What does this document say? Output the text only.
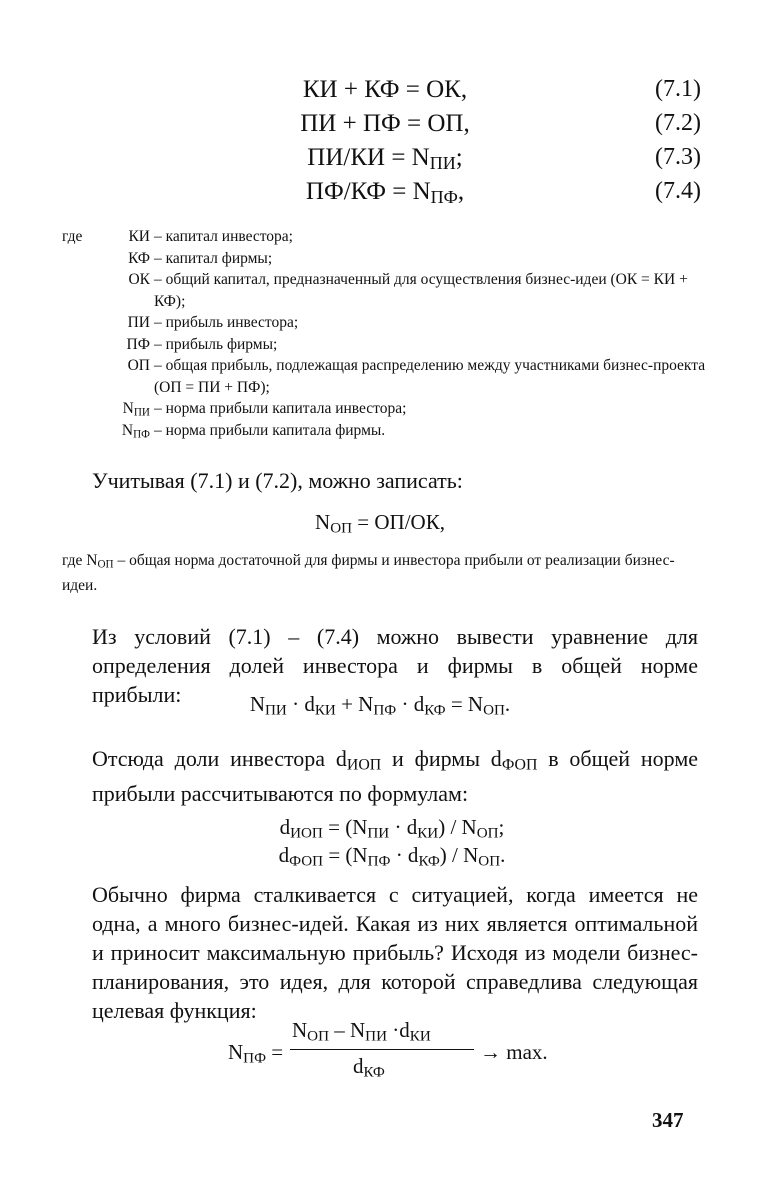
КИ + КФ = ОК,	(7.1)
ПИ + ПФ = ОП,	(7.2)
$ПИ/КИ = N_{ПИ}$;	(7.3)
$ПФ/КФ = N_{ПФ}$,	(7.4)
где	КИ – капитал инвестора;
КФ – капитал фирмы;
ОК – общий капитал, предназначенный для осуществления бизнес-идеи (ОК = КИ + КФ);
ПИ – прибыль инвестора;
ПФ – прибыль фирмы;
ОП – общая прибыль, подлежащая распределению между участниками бизнес-проекта (ОП = ПИ + ПФ);
$N_{ПИ}$ – норма прибыли капитала инвестора;
$N_{ПФ}$ – норма прибыли капитала фирмы.
Учитывая (7.1) и (7.2), можно записать:
$N_{ОП} = ОП/ОК$,
где $N_{ОП}$ – общая норма достаточной для фирмы и инвестора прибыли от реализации бизнес-идеи.
Из условий (7.1) – (7.4) можно вывести уравнение для определения долей инвестора и фирмы в общей норме прибыли:	$N_{ПИ} \cdot d_{КИ} + N_{ПФ} \cdot d_{КФ} = N_{ОП}$.
Отсюда доли инвестора $d_{ИОП}$ и фирмы $d_{ФОП}$ в общей норме прибыли рассчитываются по формулам:
$d_{ИОП} = (N_{ПИ} \cdot d_{КИ}) / N_{ОП}$;
$d_{ФОП} = (N_{ПФ} \cdot d_{КФ}) / N_{ОП}$.
Обычно фирма сталкивается с ситуацией, когда имеется не одна, а много бизнес-идей. Какая из них является оптимальной и приносит максимальную прибыль? Исходя из модели бизнес-планирования, это идея, для которой справедлива следующая целевая функция:
$N_{ПФ}$ =
$N_{ОП} - N_{ПИ} \cdot d_{КИ}$
$d_{КФ}$
→ max.
347
